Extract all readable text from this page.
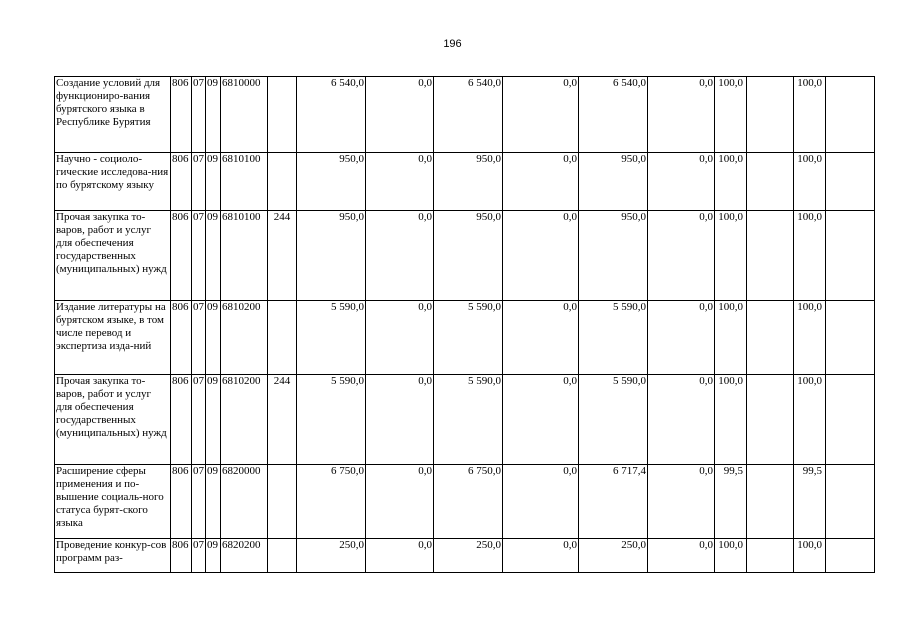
196
Создание условий для функциониро-вания бурятского языка в Республике Бурятия	806	07	09	6810000		6 540,0	0,0	6 540,0	0,0	6 540,0	0,0	100,0		100,0	
Научно - социоло-гические исследова-ния по бурятскому языку	806	07	09	6810100		950,0	0,0	950,0	0,0	950,0	0,0	100,0		100,0	
Прочая закупка то-варов, работ и услуг для обеспечения государственных (муниципальных) нужд	806	07	09	6810100	244	950,0	0,0	950,0	0,0	950,0	0,0	100,0		100,0	
Издание литературы на бурятском языке, в том числе перевод и экспертиза изда-ний	806	07	09	6810200		5 590,0	0,0	5 590,0	0,0	5 590,0	0,0	100,0		100,0	
Прочая закупка то-варов, работ и услуг для обеспечения государственных (муниципальных) нужд	806	07	09	6810200	244	5 590,0	0,0	5 590,0	0,0	5 590,0	0,0	100,0		100,0	
Расширение сферы применения и по-вышение социаль-ного статуса бурят-ского языка	806	07	09	6820000		6 750,0	0,0	6 750,0	0,0	6 717,4	0,0	99,5		99,5	
Проведение конкур-сов программ раз-	806	07	09	6820200		250,0	0,0	250,0	0,0	250,0	0,0	100,0		100,0	
